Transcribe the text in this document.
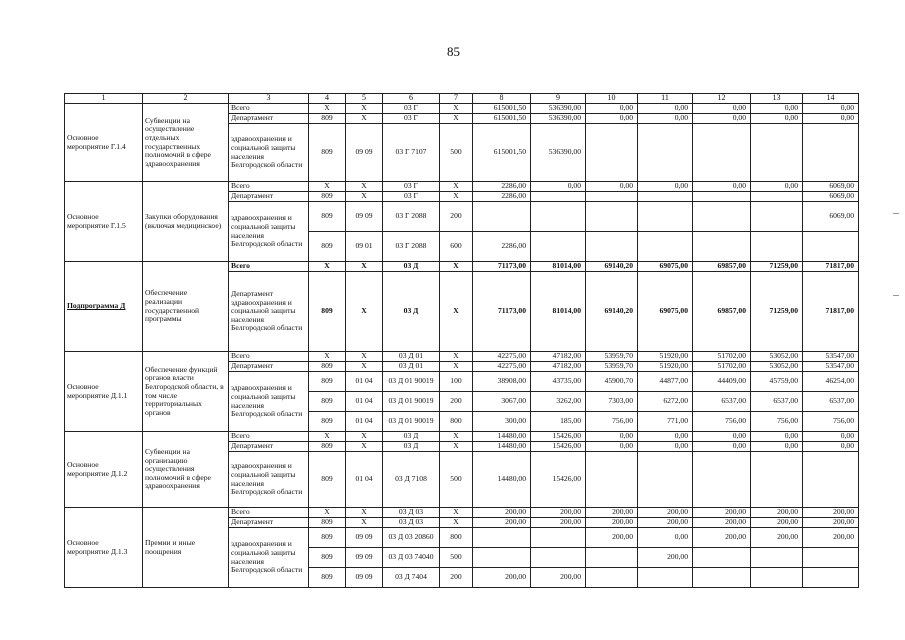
85
1	2	3	4	5	6	7	8	9	10	11	12	13	14
Основное мероприятие Г.1.4	Субвенции на осуществление отдельных государственных полномочий в сфере здравоохранения	Всего	X	X	03 Г	X	615001,50	536390,00	0,00	0,00	0,00	0,00	0,00
		Департамент	809	X	03 Г	X	615001,50	536390,00	0,00	0,00	0,00	0,00	0,00
		здравоохранения и социальной защиты населения Белгородской области	809	09 09	03 Г 7107	500	615001,50	536390,00					
Основное мероприятие Г.1.5	Закупки оборудования (включая медицинское)	Всего	X	X	03 Г	X	2286,00	0,00	0,00	0,00	0,00	0,00	6069,00
		Департамент	809	X	03 Г	X	2286,00						6069,00
		здравоохранения и социальной защиты населения Белгородской области	809	09 09	03 Г 2088	200							6069,00
			809	09 01	03 Г 2088	600	2286,00						
Подпрограмма Д	Обеспечение реализации государственной программы	Всего	X	X	03 Д	X	71173,00	81014,00	69140,20	69075,00	69857,00	71259,00	71817,00
		Департамент здравоохранения и социальной защиты населения Белгородской области	809	X	03 Д	X	71173,00	81014,00	69140,20	69075,00	69857,00	71259,00	71817,00
Основное мероприятие Д.1.1	Обеспечение функций органов власти Белгородской области, в том числе территориальных органов	Всего	X	X	03 Д 01	X	42275,00	47182,00	53959,70	51920,00	51702,00	53052,00	53547,00
		Департамент	809	X	03 Д 01	X	42275,00	47182,00	53959,70	51920,00	51702,00	53052,00	53547,00
		здравоохранения и социальной защиты населения Белгородской области	809	01 04	03 Д 01 90019	100	38908,00	43735,00	45900,70	44877,00	44409,00	45759,00	46254,00
			809	01 04	03 Д 01 90019	200	3067,00	3262,00	7303,00	6272,00	6537,00	6537,00	6537,00
			809	01 04	03 Д 01 90019	800	300,00	185,00	756,00	771,00	756,00	756,00	756,00
Основное мероприятие Д.1.2	Субвенции на организацию осуществления полномочий в сфере здравоохранения	Всего	X	X	03 Д	X	14480,00	15426,00	0,00	0,00	0,00	0,00	0,00
		Департамент	809	X	03 Д	X	14480,00	15426,00	0,00	0,00	0,00	0,00	0,00
		здравоохранения и социальной защиты населения Белгородской области	809	01 04	03 Д 7108	500	14480,00	15426,00					
Основное мероприятие Д.1.3	Премии и иные поощрения	Всего	X	X	03 Д 03	X	200,00	200,00	200,00	200,00	200,00	200,00	200,00
		Департамент	809	X	03 Д 03	X	200,00	200,00	200,00	200,00	200,00	200,00	200,00
		здравоохранения и социальной защиты населения Белгородской области	809	09 09	03 Д 03 20860	800			200,00	0,00	200,00	200,00	200,00
			809	09 09	03 Д 03 74040	500				200,00			
			809	09 09	03 Д 7404	200	200,00	200,00					
